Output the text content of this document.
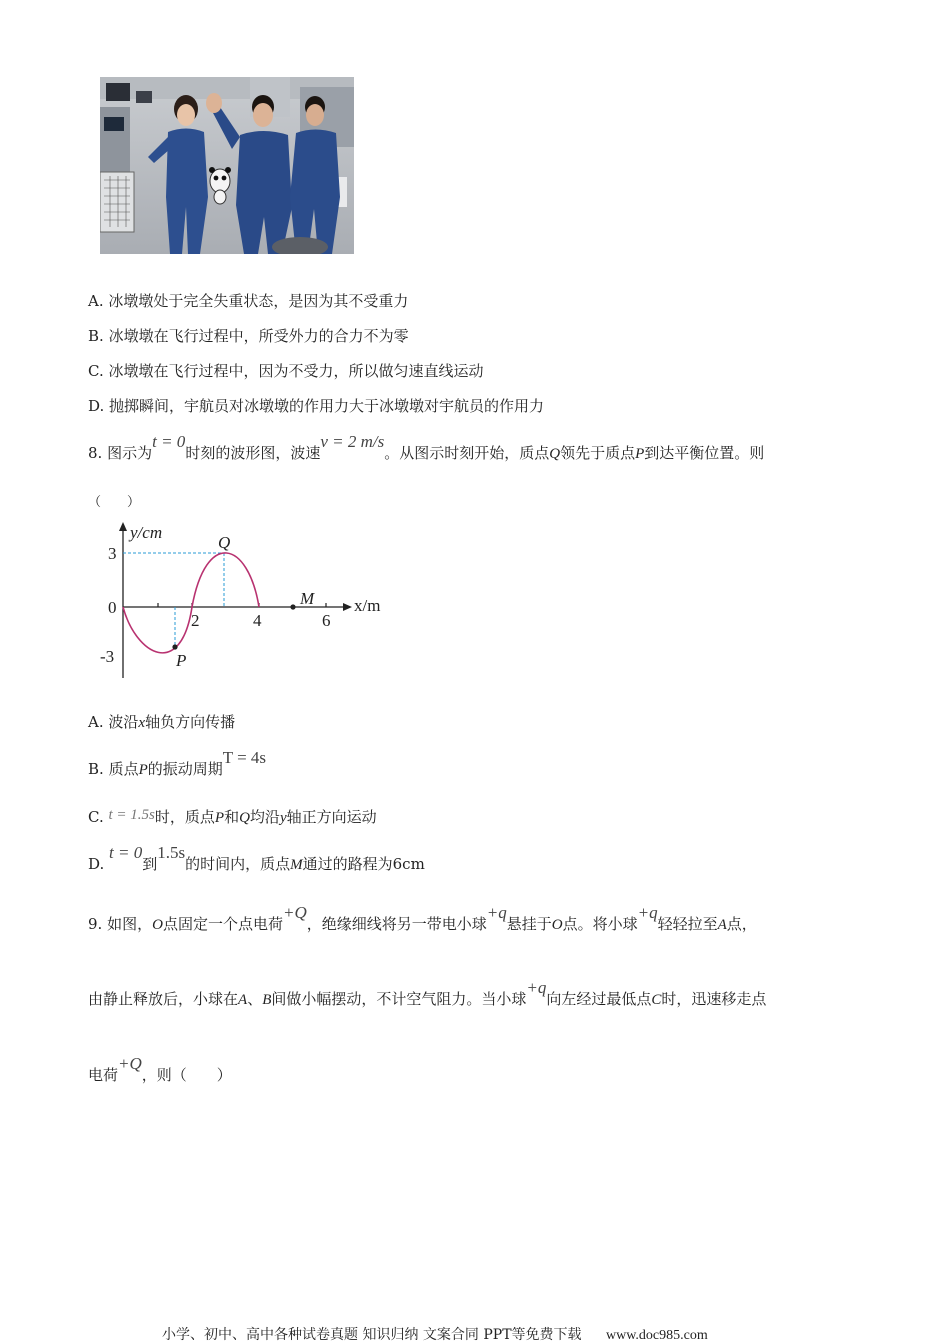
A. 冰墩墩处于完全失重状态，是因为其不受重力
B. 冰墩墩在飞行过程中，所受外力的合力不为零
C. 冰墩墩在飞行过程中，因为不受力，所以做匀速直线运动
D. 抛掷瞬间，宇航员对冰墩墩的作用力大于冰墩墩对宇航员的作用力
8. 图示为t = 0时刻的波形图，波速v = 2 m/s。从图示时刻开始，质点Q领先于质点P到达平衡位置。则
（　　）
y/cm
x/m
3
0
-3
2	4	6
Q
P
M
A. 波沿x轴负方向传播
B. 质点P的振动周期T = 4s
C. t = 1.5s时，质点P和Q均沿y轴正方向运动
D. t = 0到1.5s的时间内，质点M通过的路程为6cm
9. 如图，O点固定一个点电荷+Q，绝缘细线将另一带电小球+q悬挂于O点。将小球+q轻轻拉至A点，
由静止释放后，小球在A、B间做小幅摆动，不计空气阻力。当小球+q向左经过最低点C时，迅速移走点
电荷+Q，则（　　）
小学、初中、高中各种试卷真题 知识归纳 文案合同 PPT等免费下载 www.doc985.com
